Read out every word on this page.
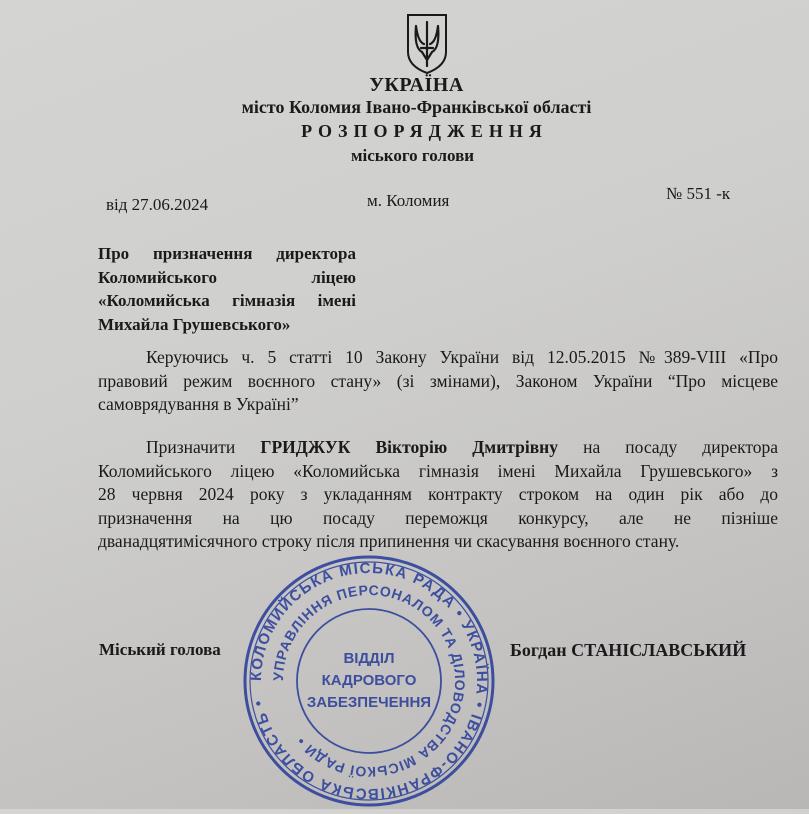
УКРАЇНА
місто Коломия Івано-Франківської області
РОЗПОРЯДЖЕННЯ
міського голови
від 27.06.2024	м. Коломия	№ 551 -к
Про призначення директора
Коломийського ліцею
«Коломийська гімназія імені
Михайла Грушевського»
Керуючись ч. 5 статті 10 Закону України від 12.05.2015 №389-VIII «Про
правовий режим воєнного стану» (зі змінами), Законом України “Про місцеве
самоврядування в Україні”
Призначити ГРИДЖУК Вікторію Дмитрівну на посаду директора
Коломийського ліцею «Коломийська гімназія імені Михайла Грушевського» з
28 червня 2024 року з укладанням контракту строком на один рік або до
призначення на цю посаду переможця конкурсу, але не пізніше
дванадцятимісячного строку після припинення чи скасування воєнного стану.
Міський голова	Богдан СТАНІСЛАВСЬКИЙ
КОЛОМИЙСЬКА МІСЬКА РАДА • УКРАЇНА • ІВАНО-ФРАНКІВСЬКА ОБЛАСТЬ •
УПРАВЛІННЯ ПЕРСОНАЛОМ ТА ДІЛОВОДСТВА МІСЬКОЇ РАДИ •
ВІДДІЛ
КАДРОВОГО
ЗАБЕЗПЕЧЕННЯ
